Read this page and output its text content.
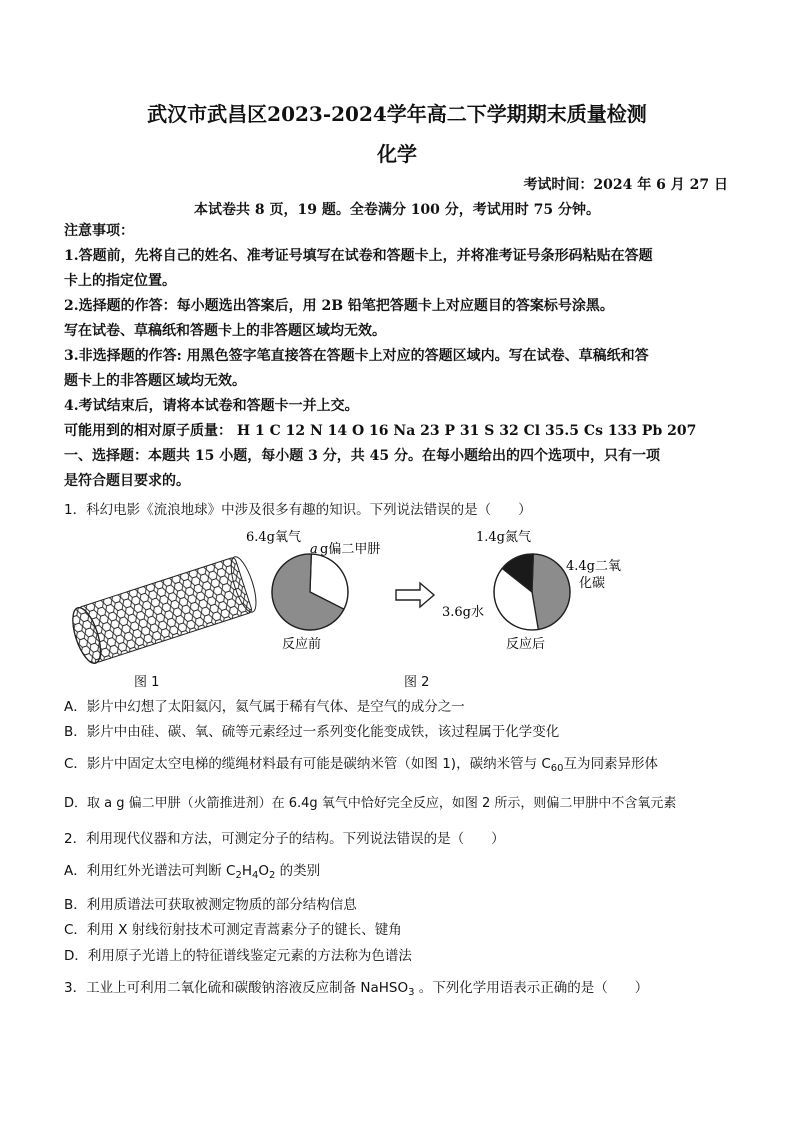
武汉市武昌区2023-2024学年高二下学期期末质量检测
化学
考试时间：2024 年 6 月 27 日
本试卷共 8 页，19 题。全卷满分 100 分，考试用时 75 分钟。
注意事项：
1.答题前，先将自己的姓名、准考证号填写在试卷和答题卡上，并将准考证号条形码粘贴在答题
卡上的指定位置。
2.选择题的作答：每小题选出答案后，用 2B 铅笔把答题卡上对应题目的答案标号涂黑。
写在试卷、草稿纸和答题卡上的非答题区域均无效。
3.非选择题的作答: 用黑色签字笔直接答在答题卡上对应的答题区域内。写在试卷、草稿纸和答
题卡上的非答题区域均无效。
4.考试结束后，请将本试卷和答题卡一并上交。
可能用到的相对原子质量： H 1 C 12 N 14 O 16 Na 23 P 31 S 32 Cl 35.5 Cs 133 Pb 207
一、选择题：本题共 15 小题，每小题 3 分，共 45 分。在每小题给出的四个选项中，只有一项
是符合题目要求的。
1．科幻电影《流浪地球》中涉及很多有趣的知识。下列说法错误的是（　　）
6.4g氧气
a g偏二甲肼
反应前
1.4g氮气
4.4g二氧
化碳
3.6g水
反应后
图 1	图 2
A．影片中幻想了太阳氦闪，氦气属于稀有气体、是空气的成分之一
B．影片中由硅、碳、氧、硫等元素经过一系列变化能变成铁，该过程属于化学变化
C．影片中固定太空电梯的缆绳材料最有可能是碳纳米管（如图 1)，碳纳米管与 $C_{60}$互为同素异形体
D．取 a g 偏二甲肼（火箭推进剂）在 6.4g 氧气中恰好完全反应，如图 2 所示，则偏二甲肼中不含氧元素
2．利用现代仪器和方法，可测定分子的结构。下列说法错误的是（　　）
A．利用红外光谱法可判断 $C_2H_4O_2$ 的类别
B．利用质谱法可获取被测定物质的部分结构信息
C．利用 X 射线衍射技术可测定青蒿素分子的键长、键角
D．利用原子光谱上的特征谱线鉴定元素的方法称为色谱法
3．工业上可利用二氧化硫和碳酸钠溶液反应制备 NaHSO$_3$ 。下列化学用语表示正确的是（　　）
